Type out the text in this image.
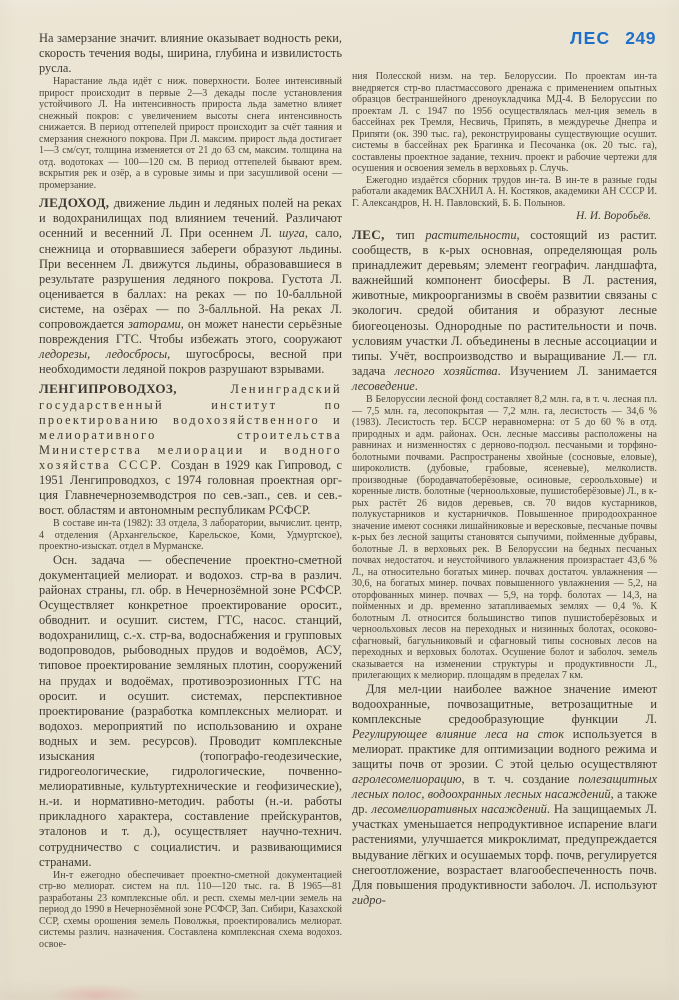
ЛЕС 249

На замерзание значит. влияние оказывает водность реки, скорость течения воды, ширина, глубина и извилистость русла.

Нарастание льда идёт с ниж. поверхности. Более интенсивный прирост происходит в первые 2—3 декады после установления устойчивого Л. На интенсивность прироста льда заметно влияет снежный покров: с увеличением высоты снега интенсивность снижается. В период оттепелей прирост происходит за счёт таяния и смерзания снежного покрова. При Л. максим. прирост льда достигает 1—3 см/сут, толщина изменяется от 21 до 63 см, максим. толщина на отд. водотоках — 100—120 см. В период оттепелей бывают врем. вскрытия рек и озёр, а в суровые зимы и при засушливой осени — промерзание.

ЛЕДОХОД, движение льдин и ледяных полей на реках и водохранилищах под влиянием течений. Различают осенний и весенний Л. При осеннем Л. шуга, сало, снежница и оторвавшиеся забереги образуют льдины. При весеннем Л. движутся льдины, образовавшиеся в результате разрушения ледяного покрова. Густота Л. оценивается в баллах: на реках — по 10-балльной системе, на озёрах — по 3-балльной. На реках Л. сопровождается заторами, он может нанести серьёзные повреждения ГТС. Чтобы избежать этого, сооружают ледорезы, ледосбросы, шугосбросы, весной при необходимости ледяной покров разрушают взрывами.

ЛЕНГИПРОВОДХОЗ, Ленинградский государственный институт по проектированию водохозяйственного и мелиоративного строительства Министерства мелиорации и водного хозяйства СССР. Создан в 1929 как Гипровод, с 1951 Ленгипроводхоз, с 1974 головная проектная орг-ция Главнечерноземводстроя по сев.-зап., сев. и сев.-вост. областям и автономным республикам РСФСР.

В составе ин-та (1982): 33 отдела, 3 лаборатории, вычислит. центр, 4 отделения (Архангельское, Карельское, Коми, Удмуртское), проектно-изыскат. отдел в Мурманске.

Осн. задача — обеспечение проектно-сметной документацией мелиорат. и водохоз. стр-ва в различ. районах страны, гл. обр. в Нечернозёмной зоне РСФСР. Осуществляет конкретное проектирование оросит., обводнит. и осушит. систем, ГТС, насос. станций, водохранилищ, с.-х. стр-ва, водоснабжения и групповых водопроводов, рыбоводных прудов и водоёмов, АСУ, типовое проектирование земляных плотин, сооружений на прудах и водоёмах, противоэрозионных ГТС на оросит. и осушит. системах, перспективное проектирование (разработка комплексных мелиорат. и водохоз. мероприятий по использованию и охране водных и зем. ресурсов). Проводит комплексные изыскания (топографо-геодезические, гидрогеологические, гидрологические, почвенно-мелиоративные, культуртехнические и геофизические), н.-и. и нормативно-методич. работы (н.-и. работы прикладного характера, составление прейскурантов, эталонов и т. д.), осуществляет научно-технич. сотрудничество с социалистич. и развивающимися странами.

Ин-т ежегодно обеспечивает проектно-сметной документацией стр-во мелиорат. систем на пл. 110—120 тыс. га. В 1965—81 разработаны 23 комплексные обл. и респ. схемы мел-ции земель на период до 1990 в Нечернозёмной зоне РСФСР, Зап. Сибири, Казахской ССР, схемы орошения земель Поволжья, проектировались мелиорат. системы различ. назначения. Составлена комплексная схема водохоз. освое-

ния Полесской низм. на тер. Белоруссии. По проектам ин-та внедряется стр-во пластмассового дренажа с применением опытных образцов бестраншейного дреноукладчика МД-4. В Белоруссии по проектам Л. с 1947 по 1956 осуществлялась мел-ция земель в бассейнах рек Тремля, Несвичь, Припять, в междуречье Днепра и Припяти (ок. 390 тыс. га), реконструированы существующие осушит. системы в бассейнах рек Брагинка и Песочанка (ок. 20 тыс. га), составлены проектное задание, технич. проект и рабочие чертежи для осушения и освоения земель в верховьях р. Случь.

Ежегодно издаётся сборник трудов ин-та. В ин-те в разные годы работали академик ВАСХНИЛ А. Н. Костяков, академики АН СССР И. Г. Александров, Н. Н. Павловский, Б. Б. Полынов.

Н. И. Воробьёв.

ЛЕС, тип растительности, состоящий из растит. сообществ, в к-рых основная, определяющая роль принадлежит деревьям; элемент географич. ландшафта, важнейший компонент биосферы. В Л. растения, животные, микроорганизмы в своём развитии связаны с экологич. средой обитания и образуют лесные биогеоценозы. Однородные по растительности и почв. условиям участки Л. объединены в лесные ассоциации и типы. Учёт, воспроизводство и выращивание Л.— гл. задача лесного хозяйства. Изучением Л. занимается лесоведение.

В Белоруссии лесной фонд составляет 8,2 млн. га, в т. ч. лесная пл.— 7,5 млн. га, лесопокрытая — 7,2 млн. га, лесистость — 34,6 % (1983). Лесистость тер. БССР неравномерна: от 5 до 60 % в отд. природных и адм. районах. Осн. лесные массивы расположены на равнинах и низменностях с дерново-подзол. песчаными и торфяно-болотными почвами. Распространены хвойные (сосновые, еловые), широколиств. (дубовые, грабовые, ясеневые), мелколиств. производные (бородавчатоберёзовые, осиновые, сероольховые) и коренные листв. болотные (черноольховые, пушистоберёзовые) Л., в к-рых растёт 26 видов деревьев, св. 70 видов кустарников, полукустарников и кустарничков. Повышенное природоохранное значение имеют сосняки лишайниковые и вересковые, песчаные почвы к-рых без лесной защиты становятся сыпучими, пойменные дубравы, болотные Л. в верховьях рек. В Белоруссии на бедных песчаных почвах недостаточ. и неустойчивого увлажнения произрастает 43,6 % Л., на относительно богатых минер. почвах достаточ. увлажнения — 30,6, на богатых минер. почвах повышенного увлажнения — 5,2, на оторфованных минер. почвах — 5,9, на торф. болотах — 14,3, на пойменных и др. временно затапливаемых землях — 0,4 %. К болотным Л. относится большинство типов пушистоберёзовых и черноольховых лесов на переходных и низинных болотах, осоково-сфагновый, багульниковый и сфагновый типы сосновых лесов на переходных и верховых болотах. Осушение болот и заболоч. земель сказывается на изменении структуры и продуктивности Л., прилегающих к мелиорир. площадям в пределах 7 км.

Для мел-ции наиболее важное значение имеют водоохранные, почвозащитные, ветрозащитные и комплексные средообразующие функции Л. Регулирующее влияние леса на сток используется в мелиорат. практике для оптимизации водного режима и защиты почв от эрозии. С этой целью осуществляют агролесомелиорацию, в т. ч. создание полезащитных лесных полос, водоохранных лесных насаждений, а также др. лесомелиоративных насаждений. На защищаемых Л. участках уменьшается непродуктивное испарение влаги растениями, улучшается микроклимат, предупреждается выдувание лёгких и осушаемых торф. почв, регулируется снегоотложение, возрастает влагообеспеченность почв. Для повышения продуктивности заболоч. Л. используют гидро-
